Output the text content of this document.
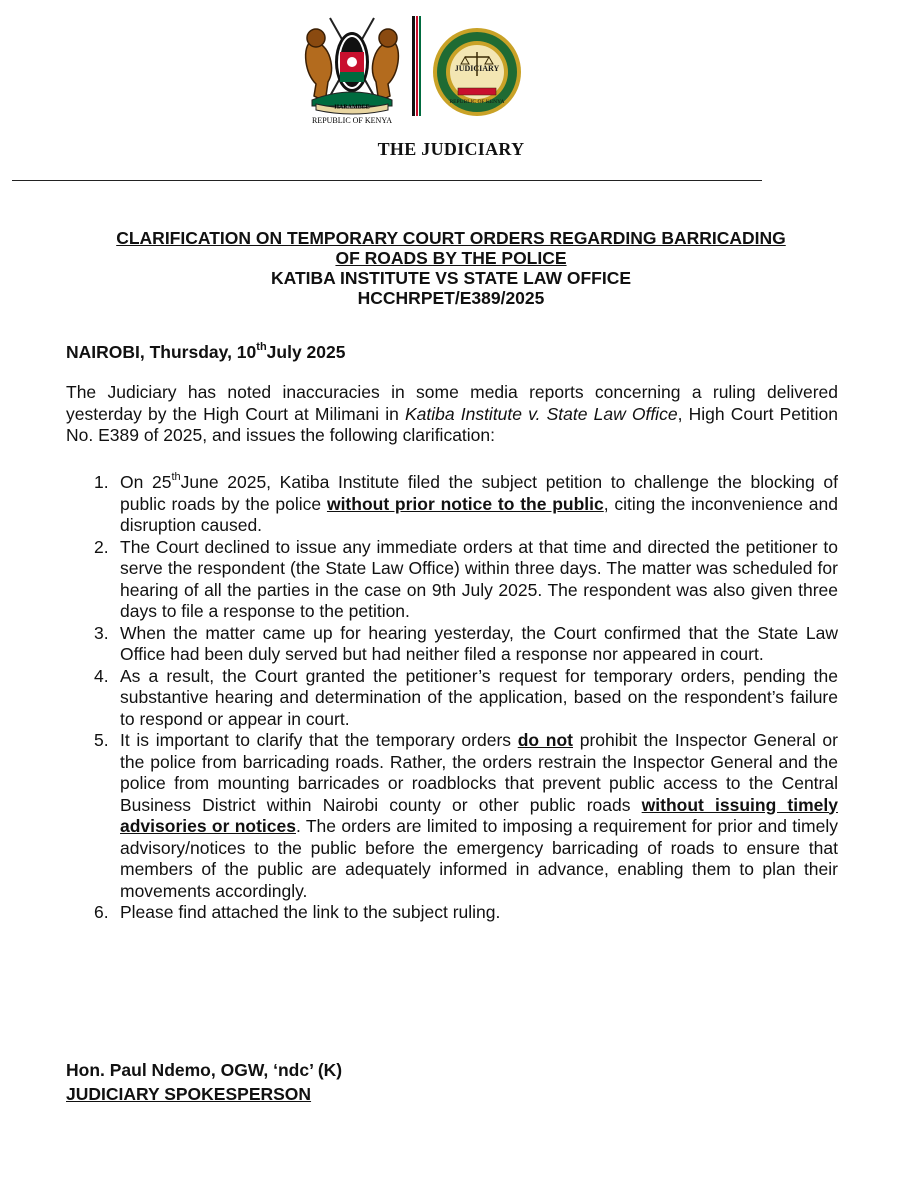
HARAMBEE
REPUBLIC OF KENYA
JUDICIARY
REPUBLIC OF KENYA
THE JUDICIARY
CLARIFICATION ON TEMPORARY COURT ORDERS REGARDING BARRICADING
OF ROADS BY THE POLICE
KATIBA INSTITUTE VS STATE LAW OFFICE
HCCHRPET/E389/2025
NAIROBI, Thursday, 10thJuly 2025
The Judiciary has noted inaccuracies in some media reports concerning a ruling delivered yesterday by the High Court at Milimani in Katiba Institute v. State Law Office, High Court Petition No. E389 of 2025, and issues the following clarification:
1. On 25thJune 2025, Katiba Institute filed the subject petition to challenge the blocking of public roads by the police without prior notice to the public, citing the inconvenience and disruption caused.
2. The Court declined to issue any immediate orders at that time and directed the petitioner to serve the respondent (the State Law Office) within three days. The matter was scheduled for hearing of all the parties in the case on 9th July 2025. The respondent was also given three days to file a response to the petition.
3. When the matter came up for hearing yesterday, the Court confirmed that the State Law Office had been duly served but had neither filed a response nor appeared in court.
4. As a result, the Court granted the petitioner’s request for temporary orders, pending the substantive hearing and determination of the application, based on the respondent’s failure to respond or appear in court.
5. It is important to clarify that the temporary orders do not prohibit the Inspector General or the police from barricading roads. Rather, the orders restrain the Inspector General and the police from mounting barricades or roadblocks that prevent public access to the Central Business District within Nairobi county or other public roads without issuing timely advisories or notices. The orders are limited to imposing a requirement for prior and timely advisory/notices to the public before the emergency barricading of roads to ensure that members of the public are adequately informed in advance, enabling them to plan their movements accordingly.
6. Please find attached the link to the subject ruling.
Hon. Paul Ndemo, OGW, ‘ndc’ (K)
JUDICIARY SPOKESPERSON
